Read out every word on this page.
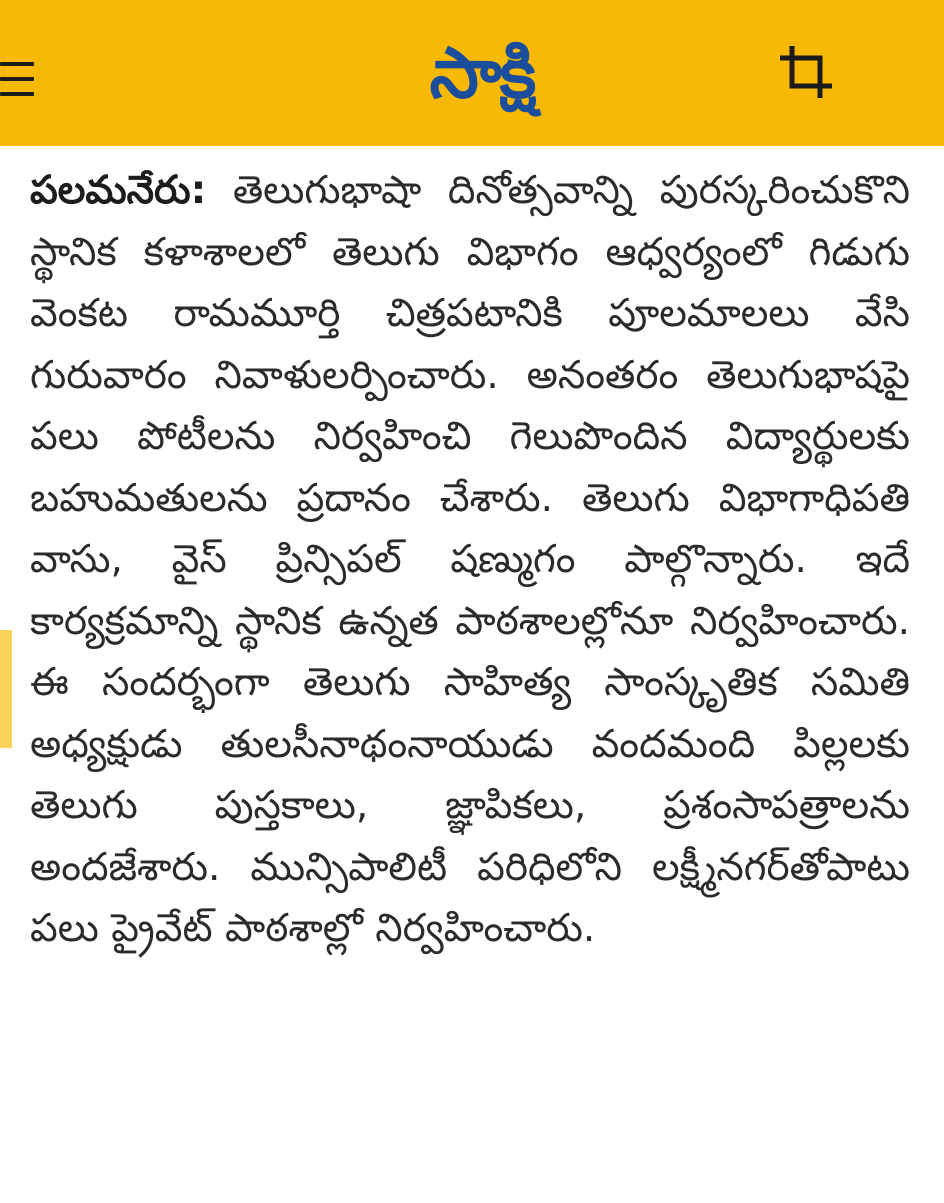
సాక్షి

పలమనేరు: తెలుగుభాషా దినోత్సవాన్ని పురస్కరించుకొని స్థానిక కళాశాలలో తెలుగు విభాగం ఆధ్వర్యంలో గిడుగు వెంకట రామమూర్తి చిత్రపటానికి పూలమాలలు వేసి గురువారం నివాళులర్పించారు. అనంతరం తెలుగుభాషపై పలు పోటీలను నిర్వహించి గెలుపొందిన విద్యార్థులకు బహుమతులను ప్రదానం చేశారు. తెలుగు విభాగాధిపతి వాసు, వైస్ ప్రిన్సిపల్ షణ్ముగం పాల్గొన్నారు. ఇదే కార్యక్రమాన్ని స్థానిక ఉన్నత పాఠశాలల్లోనూ నిర్వహించారు. ఈ సందర్భంగా తెలుగు సాహిత్య సాంస్కృతిక సమితి అధ్యక్షుడు తులసీనాథంనాయుడు వందమంది పిల్లలకు తెలుగు పుస్తకాలు, జ్ఞాపికలు, ప్రశంసాపత్రాలను అందజేశారు. మున్సిపాలిటీ పరిధిలోని లక్ష్మీనగర్‌తోపాటు పలు ప్రైవేట్ పాఠశాల్లో నిర్వహించారు.
